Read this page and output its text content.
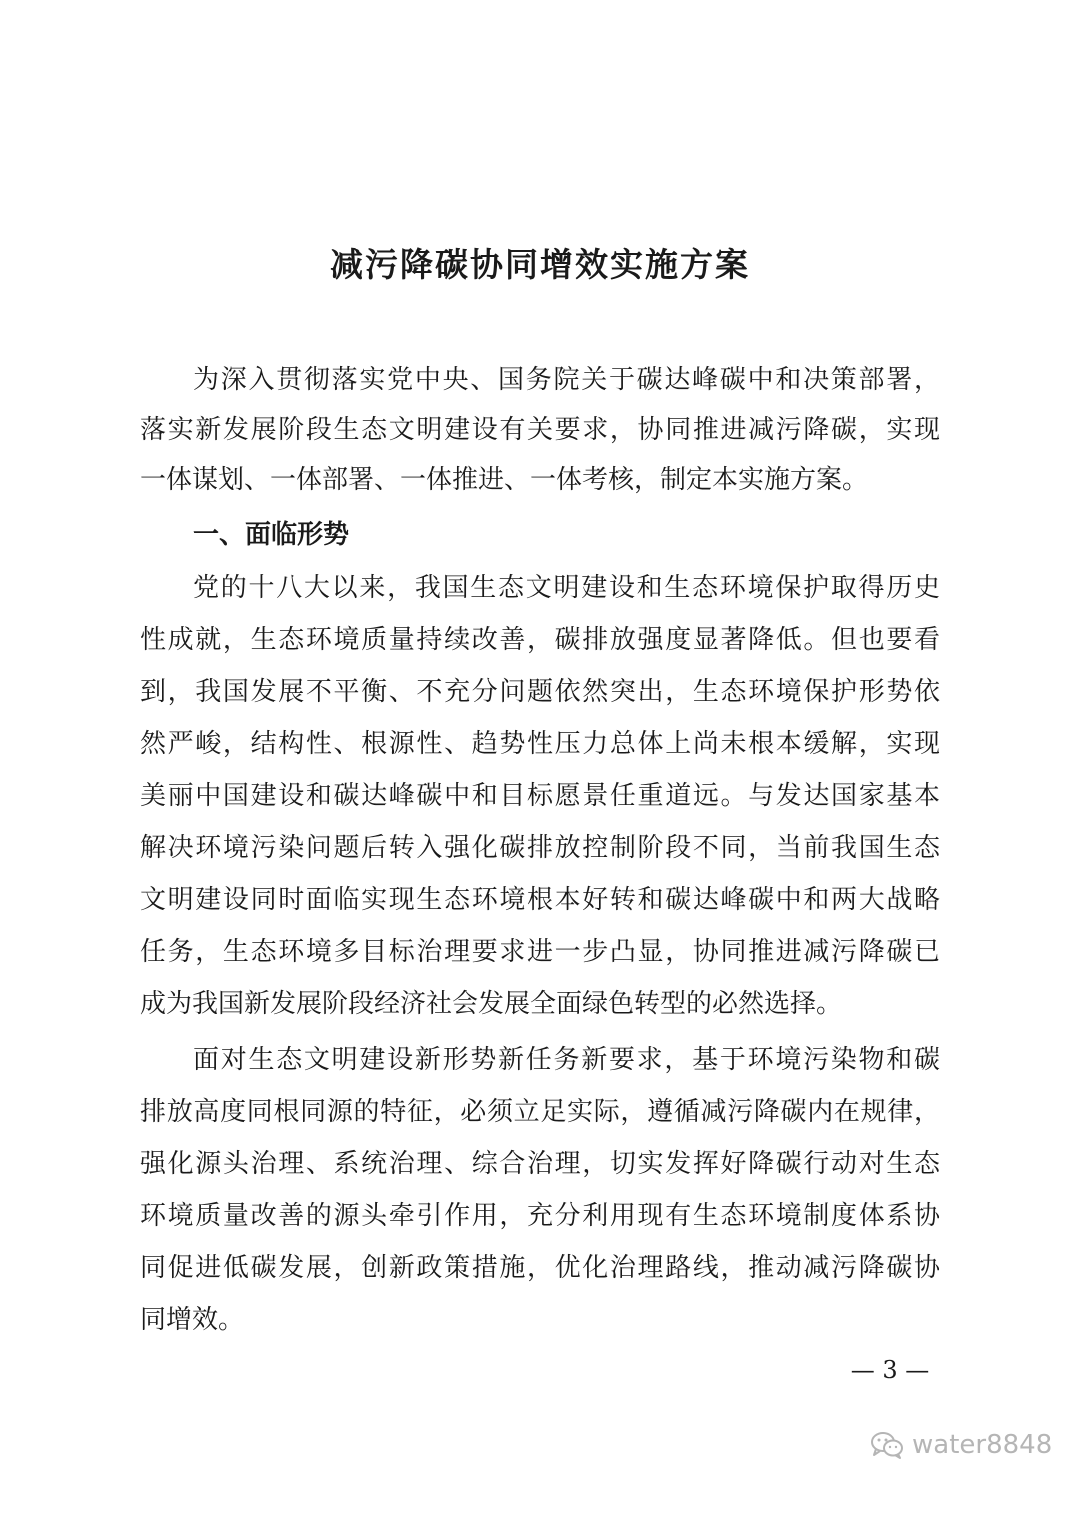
减污降碳协同增效实施方案
为深入贯彻落实党中央、国务院关于碳达峰碳中和决策部署，
落实新发展阶段生态文明建设有关要求，协同推进减污降碳，实现
一体谋划、一体部署、一体推进、一体考核，制定本实施方案。
一、面临形势
党的十八大以来，我国生态文明建设和生态环境保护取得历史
性成就，生态环境质量持续改善，碳排放强度显著降低。但也要看
到，我国发展不平衡、不充分问题依然突出，生态环境保护形势依
然严峻，结构性、根源性、趋势性压力总体上尚未根本缓解，实现
美丽中国建设和碳达峰碳中和目标愿景任重道远。与发达国家基本
解决环境污染问题后转入强化碳排放控制阶段不同，当前我国生态
文明建设同时面临实现生态环境根本好转和碳达峰碳中和两大战略
任务，生态环境多目标治理要求进一步凸显，协同推进减污降碳已
成为我国新发展阶段经济社会发展全面绿色转型的必然选择。
面对生态文明建设新形势新任务新要求，基于环境污染物和碳
排放高度同根同源的特征，必须立足实际，遵循减污降碳内在规律，
强化源头治理、系统治理、综合治理，切实发挥好降碳行动对生态
环境质量改善的源头牵引作用，充分利用现有生态环境制度体系协
同促进低碳发展，创新政策措施，优化治理路线，推动减污降碳协
同增效。
— 3 —
water8848
